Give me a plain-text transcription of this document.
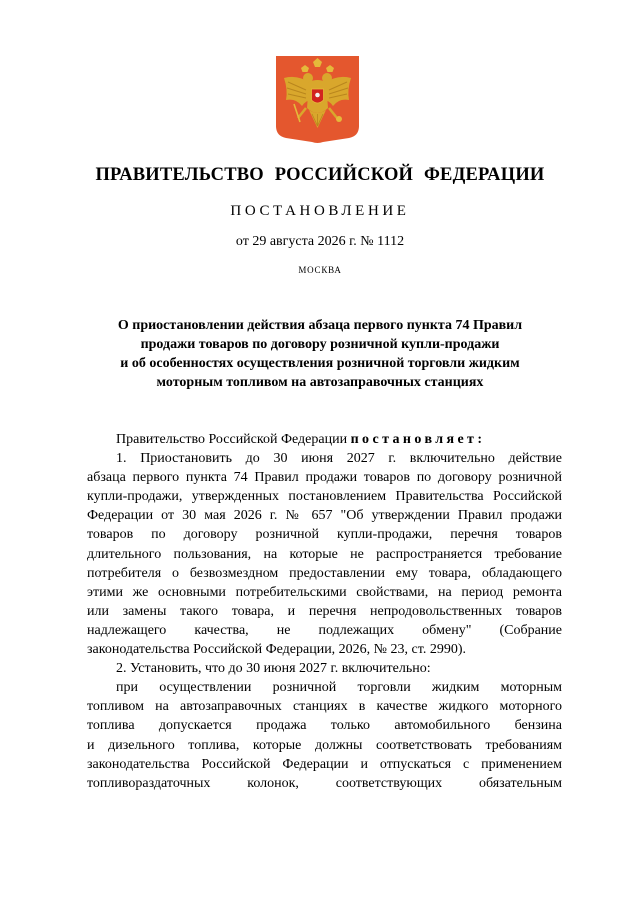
ПРАВИТЕЛЬСТВО РОССИЙСКОЙ ФЕДЕРАЦИИ
ПОСТАНОВЛЕНИЕ
от 29 августа 2026 г. № 1112
МОСКВА
О приостановлении действия абзаца первого пункта 74 Правил
продажи товаров по договору розничной купли-продажи
и об особенностях осуществления розничной торговли жидким
моторным топливом на автозаправочных станциях
Правительство Российской Федерации постановляет:
1. Приостановить до 30 июня 2027 г. включительно действие
абзаца первого пункта 74 Правил продажи товаров по договору розничной
купли-продажи, утвержденных постановлением Правительства Российской
Федерации от 30 мая 2026 г. № 657 "Об утверждении Правил продажи
товаров по договору розничной купли-продажи, перечня товаров
длительного пользования, на которые не распространяется требование
потребителя о безвозмездном предоставлении ему товара, обладающего
этими же основными потребительскими свойствами, на период ремонта
или замены такого товара, и перечня непродовольственных товаров
надлежащего качества, не подлежащих обмену" (Собрание
законодательства Российской Федерации, 2026, № 23, ст. 2990).
2. Установить, что до 30 июня 2027 г. включительно:
при осуществлении розничной торговли жидким моторным
топливом на автозаправочных станциях в качестве жидкого моторного
топлива допускается продажа только автомобильного бензина
и дизельного топлива, которые должны соответствовать требованиям
законодательства Российской Федерации и отпускаться с применением
топливораздаточных колонок, соответствующих обязательным
